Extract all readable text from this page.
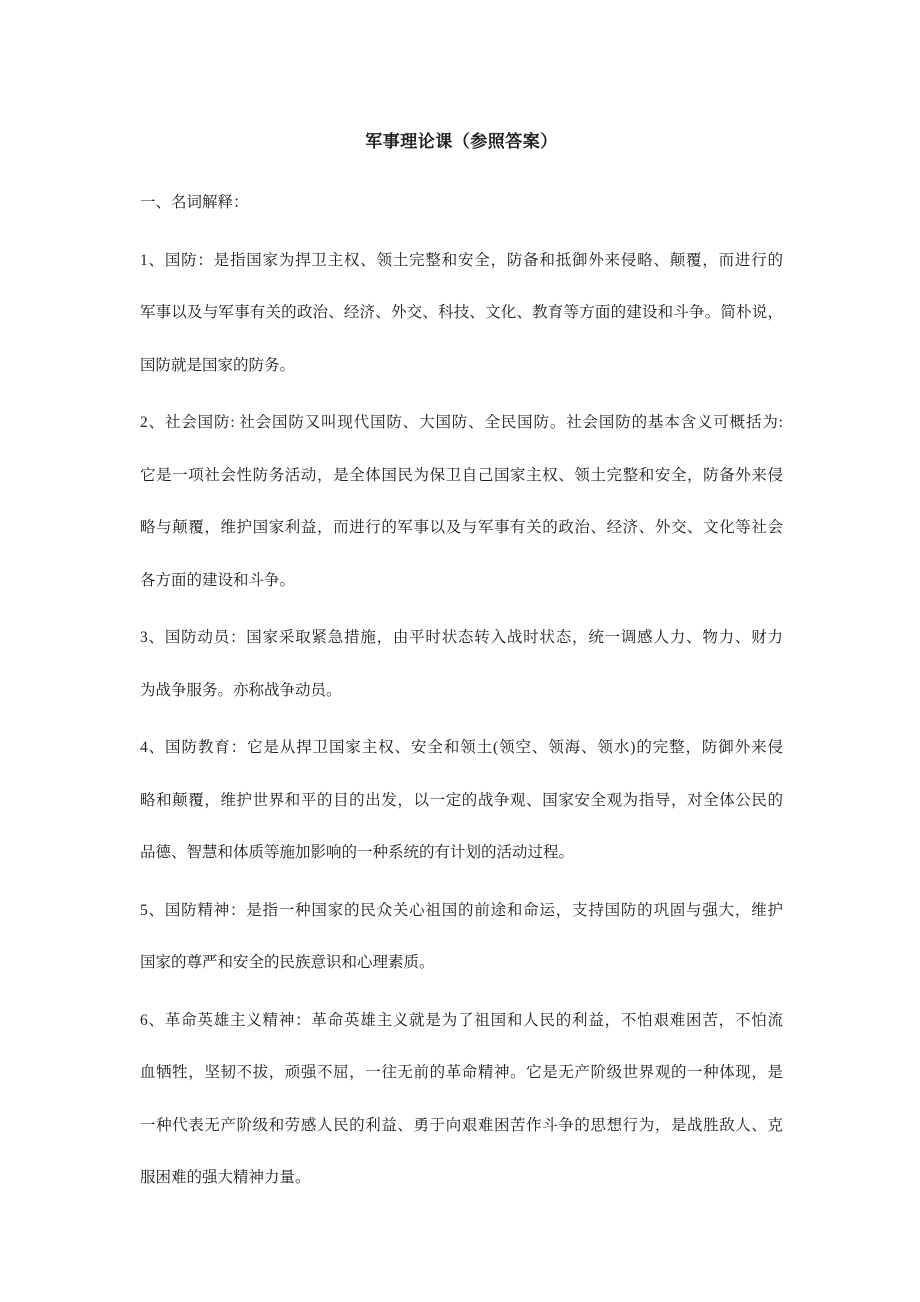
军事理论课（参照答案）
一、名词解释：
1、国防：是指国家为捍卫主权、领土完整和安全，防备和抵御外来侵略、颠覆，而进行的
军事以及与军事有关的政治、经济、外交、科技、文化、教育等方面的建设和斗争。简朴说，
国防就是国家的防务。
2、社会国防: 社会国防又叫现代国防、大国防、全民国防。社会国防的基本含义可概括为:
它是一项社会性防务活动，是全体国民为保卫自己国家主权、领土完整和安全，防备外来侵
略与颠覆，维护国家利益，而进行的军事以及与军事有关的政治、经济、外交、文化等社会
各方面的建设和斗争。
3、国防动员：国家采取紧急措施，由平时状态转入战时状态，统一调感人力、物力、财力
为战争服务。亦称战争动员。
4、国防教育：它是从捍卫国家主权、安全和领土(领空、领海、领水)的完整，防御外来侵
略和颠覆，维护世界和平的目的出发，以一定的战争观、国家安全观为指导，对全体公民的
品德、智慧和体质等施加影响的一种系统的有计划的活动过程。
5、国防精神：是指一种国家的民众关心祖国的前途和命运，支持国防的巩固与强大，维护
国家的尊严和安全的民族意识和心理素质。
6、革命英雄主义精神：革命英雄主义就是为了祖国和人民的利益，不怕艰难困苦，不怕流
血牺牲，坚韧不拔，顽强不屈，一往无前的革命精神。它是无产阶级世界观的一种体现，是
一种代表无产阶级和劳感人民的利益、勇于向艰难困苦作斗争的思想行为，是战胜敌人、克
服困难的强大精神力量。
